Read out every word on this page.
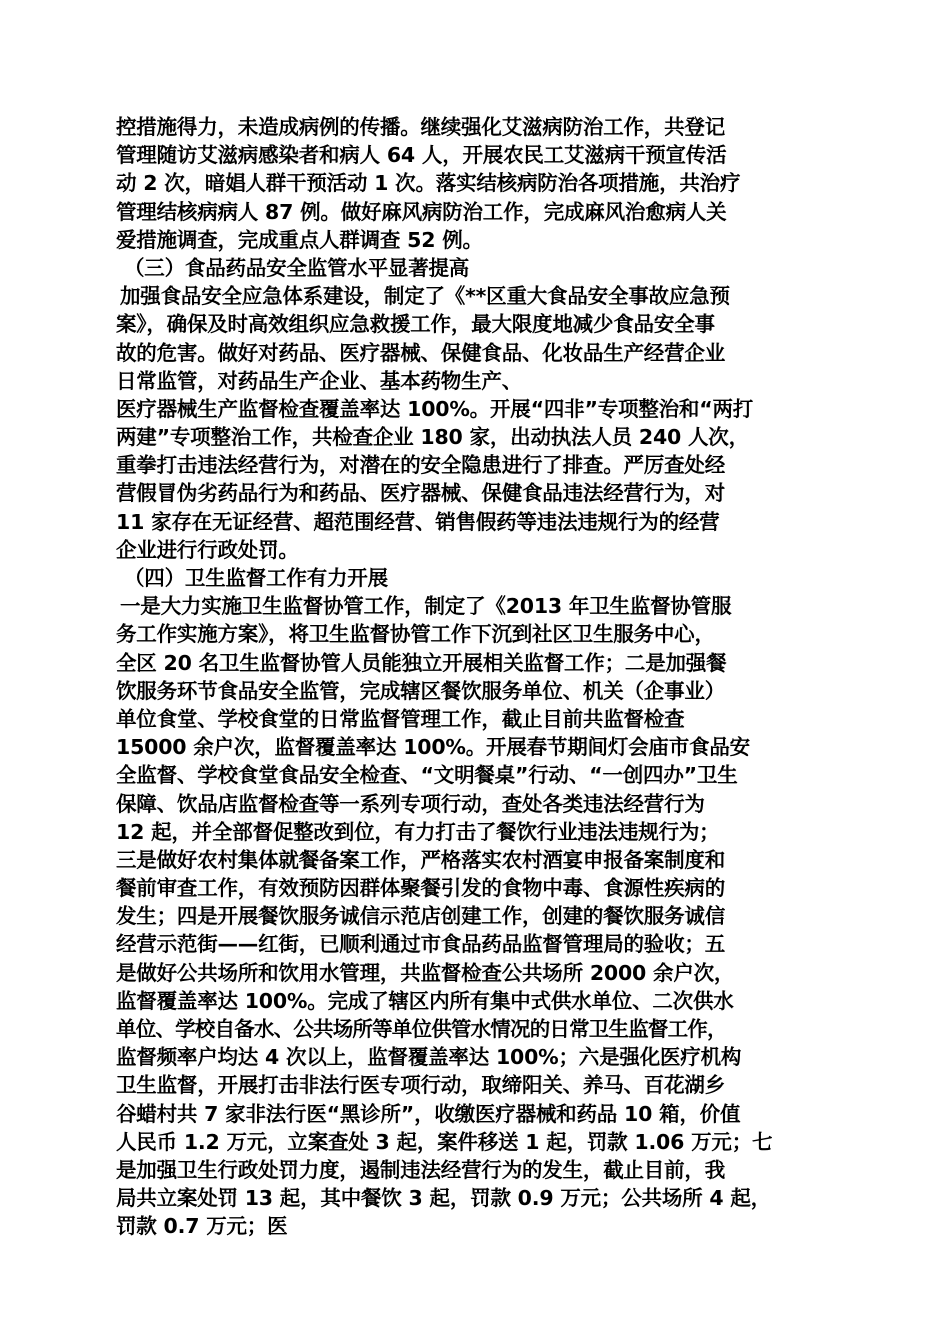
控措施得力，未造成病例的传播。继续强化艾滋病防治工作，共登记
管理随访艾滋病感染者和病人 64 人，开展农民工艾滋病干预宣传活
动 2 次，暗娼人群干预活动 1 次。落实结核病防治各项措施，共治疗
管理结核病病人 87 例。做好麻风病防治工作，完成麻风治愈病人关
爱措施调查，完成重点人群调查 52 例。
（三）食品药品安全监管水平显著提高
加强食品安全应急体系建设，制定了《**区重大食品安全事故应急预
案》，确保及时高效组织应急救援工作，最大限度地减少食品安全事
故的危害。做好对药品、医疗器械、保健食品、化妆品生产经营企业
日常监管，对药品生产企业、基本药物生产、
医疗器械生产监督检查覆盖率达 100%。开展“四非”专项整治和“两打
两建”专项整治工作，共检查企业 180 家，出动执法人员 240 人次，
重拳打击违法经营行为，对潜在的安全隐患进行了排查。严厉查处经
营假冒伪劣药品行为和药品、医疗器械、保健食品违法经营行为，对
11 家存在无证经营、超范围经营、销售假药等违法违规行为的经营
企业进行行政处罚。
（四）卫生监督工作有力开展
一是大力实施卫生监督协管工作，制定了《2013 年卫生监督协管服
务工作实施方案》，将卫生监督协管工作下沉到社区卫生服务中心，
全区 20 名卫生监督协管人员能独立开展相关监督工作；二是加强餐
饮服务环节食品安全监管，完成辖区餐饮服务单位、机关（企事业）
单位食堂、学校食堂的日常监督管理工作，截止目前共监督检查
15000 余户次，监督覆盖率达 100%。开展春节期间灯会庙市食品安
全监督、学校食堂食品安全检查、“文明餐桌”行动、“一创四办”卫生
保障、饮品店监督检查等一系列专项行动，查处各类违法经营行为
12 起，并全部督促整改到位，有力打击了餐饮行业违法违规行为；
三是做好农村集体就餐备案工作，严格落实农村酒宴申报备案制度和
餐前审查工作，有效预防因群体聚餐引发的食物中毒、食源性疾病的
发生；四是开展餐饮服务诚信示范店创建工作，创建的餐饮服务诚信
经营示范街——红街，已顺利通过市食品药品监督管理局的验收；五
是做好公共场所和饮用水管理，共监督检查公共场所 2000 余户次，
监督覆盖率达 100%。完成了辖区内所有集中式供水单位、二次供水
单位、学校自备水、公共场所等单位供管水情况的日常卫生监督工作，
监督频率户均达 4 次以上，监督覆盖率达 100%；六是强化医疗机构
卫生监督，开展打击非法行医专项行动，取缔阳关、养马、百花湖乡
谷蜡村共 7 家非法行医“黑诊所”，收缴医疗器械和药品 10 箱，价值
人民币 1.2 万元，立案查处 3 起，案件移送 1 起，罚款 1.06 万元；七
是加强卫生行政处罚力度，遏制违法经营行为的发生，截止目前，我
局共立案处罚 13 起，其中餐饮 3 起，罚款 0.9 万元；公共场所 4 起，
罚款 0.7 万元；医
